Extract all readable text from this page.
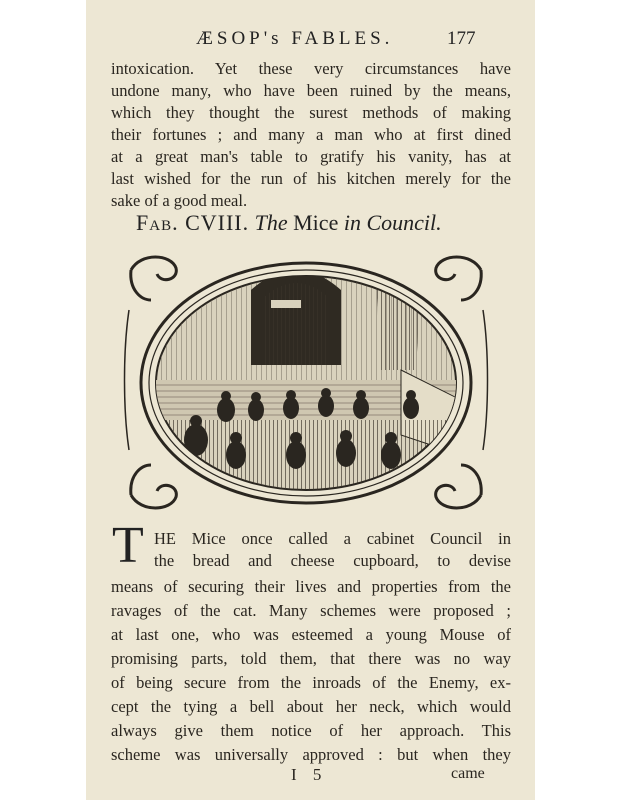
ÆSOP's FABLES.	177
intoxication. Yet these very circumstances have
undone many, who have been ruined by the means,
which they thought the surest methods of making
their fortunes ; and many a man who at first dined
at a great man's table to gratify his vanity, has at
last wished for the run of his kitchen merely for the
sake of a good meal.
Fab. CVIII. The Mice in Council.
T HE Mice once called a cabinet Council in
the bread and cheese cupboard, to devise
means of securing their lives and properties from the
ravages of the cat. Many schemes were proposed ;
at last one, who was esteemed a young Mouse of
promising parts, told them, that there was no way
of being secure from the inroads of the Enemy, ex-
cept the tying a bell about her neck, which would
always give them notice of her approach. This
scheme was universally approved : but when they
I 5	came
